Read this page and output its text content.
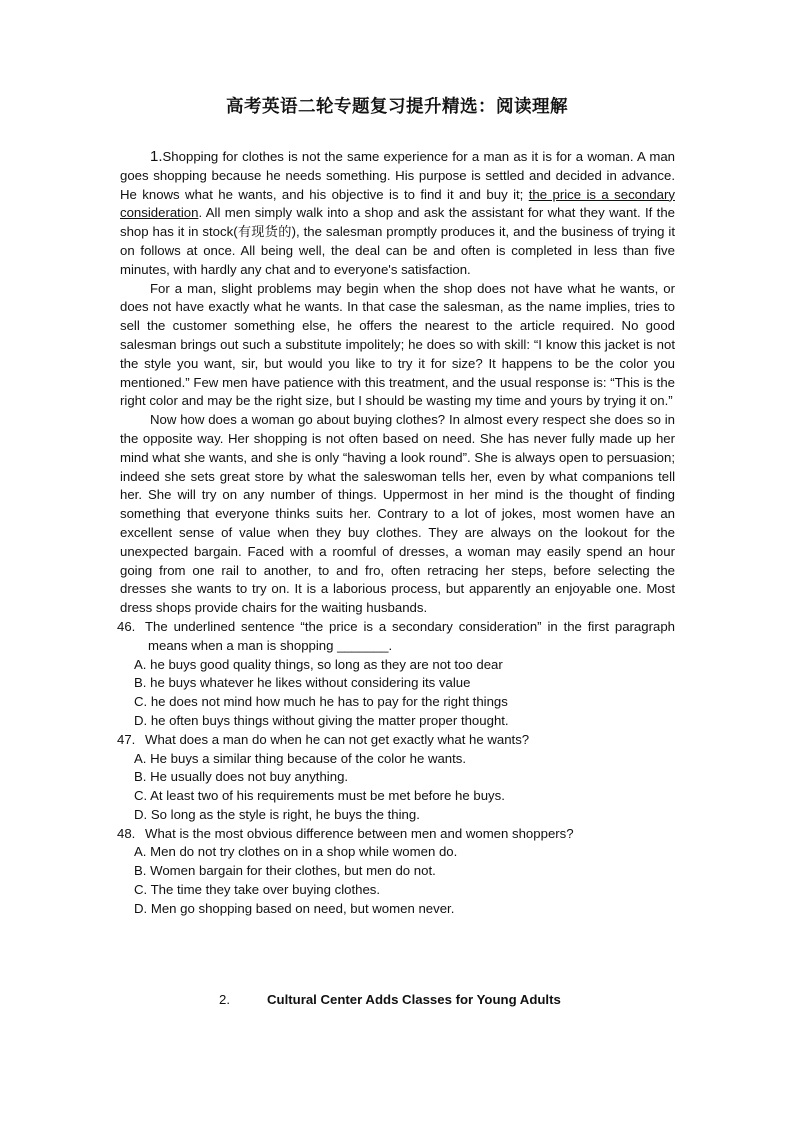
高考英语二轮专题复习提升精选：阅读理解

1.Shopping for clothes is not the same experience for a man as it is for a woman. A man goes shopping because he needs something. His purpose is settled and decided in advance. He knows what he wants, and his objective is to find it and buy it; the price is a secondary consideration. All men simply walk into a shop and ask the assistant for what they want. If the shop has it in stock(有现货的), the salesman promptly produces it, and the business of trying it on follows at once. All being well, the deal can be and often is completed in less than five minutes, with hardly any chat and to everyone's satisfaction.

For a man, slight problems may begin when the shop does not have what he wants, or does not have exactly what he wants. In that case the salesman, as the name implies, tries to sell the customer something else, he offers the nearest to the article required. No good salesman brings out such a substitute impolitely; he does so with skill: “I know this jacket is not the style you want, sir, but would you like to try it for size? It happens to be the color you mentioned.” Few men have patience with this treatment, and the usual response is: “This is the right color and may be the right size, but I should be wasting my time and yours by trying it on.”

Now how does a woman go about buying clothes? In almost every respect she does so in the opposite way. Her shopping is not often based on need. She has never fully made up her mind what she wants, and she is only “having a look round”. She is always open to persuasion; indeed she sets great store by what the saleswoman tells her, even by what companions tell her. She will try on any number of things. Uppermost in her mind is the thought of finding something that everyone thinks suits her. Contrary to a lot of jokes, most women have an excellent sense of value when they buy clothes. They are always on the lookout for the unexpected bargain. Faced with a roomful of dresses, a woman may easily spend an hour going from one rail to another, to and fro, often retracing her steps, before selecting the dresses she wants to try on. It is a laborious process, but apparently an enjoyable one. Most dress shops provide chairs for the waiting husbands.

46. The underlined sentence “the price is a secondary consideration” in the first paragraph means when a man is shopping _______.

A. he buys good quality things, so long as they are not too dear

B. he buys whatever he likes without considering its value

C. he does not mind how much he has to pay for the right things

D. he often buys things without giving the matter proper thought.

47. What does a man do when he can not get exactly what he wants?

A. He buys a similar thing because of the color he wants.

B. He usually does not buy anything.

C. At least two of his requirements must be met before he buys.

D. So long as the style is right, he buys the thing.

48. What is the most obvious difference between men and women shoppers?

A. Men do not try clothes on in a shop while women do.

B. Women bargain for their clothes, but men do not.

C. The time they take over buying clothes.

D. Men go shopping based on need, but women never.

2.	Cultural Center Adds Classes for Young Adults
